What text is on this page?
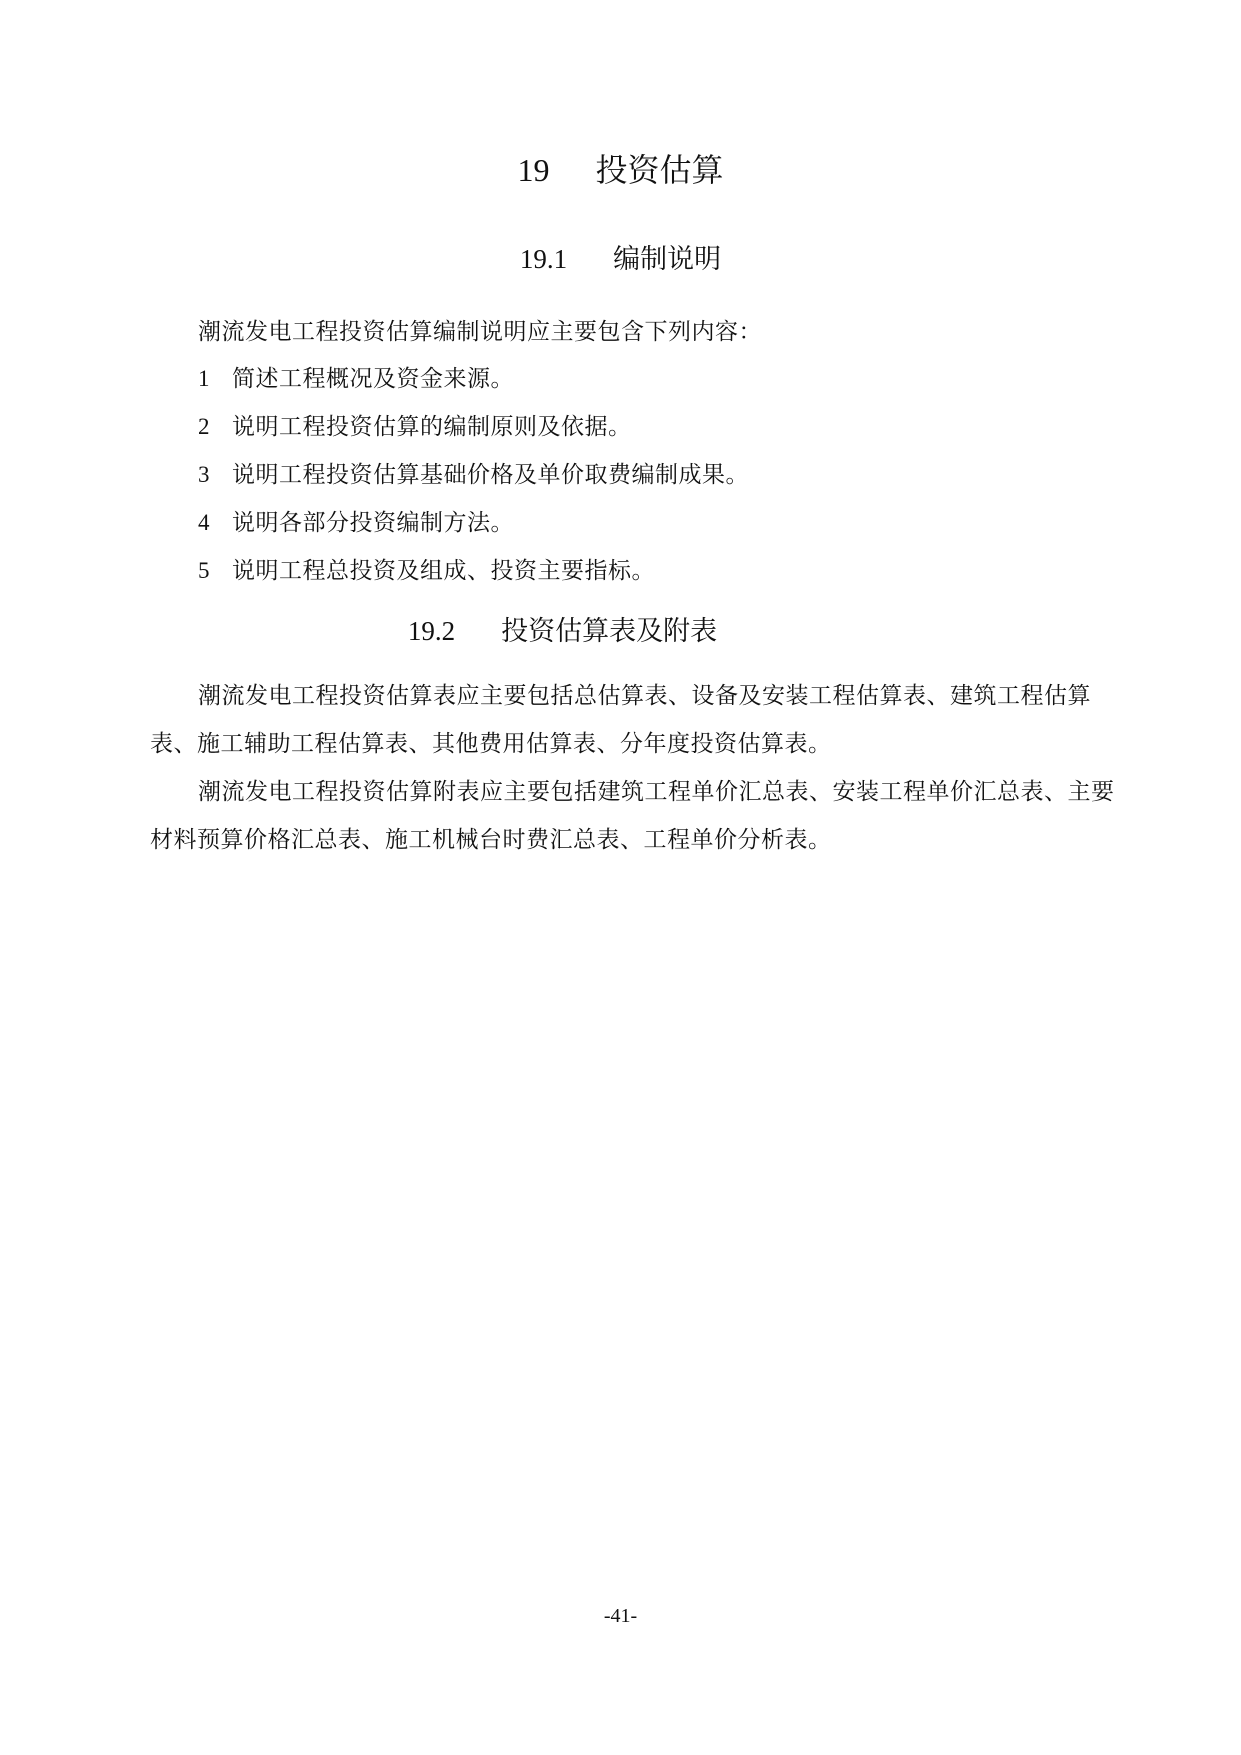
19 投资估算
19.1 编制说明
潮流发电工程投资估算编制说明应主要包含下列内容：
1 简述工程概况及资金来源。
2 说明工程投资估算的编制原则及依据。
3 说明工程投资估算基础价格及单价取费编制成果。
4 说明各部分投资编制方法。
5 说明工程总投资及组成、投资主要指标。
19.2 投资估算表及附表
潮流发电工程投资估算表应主要包括总估算表、设备及安装工程估算表、建筑工程估算表、施工辅助工程估算表、其他费用估算表、分年度投资估算表。
潮流发电工程投资估算附表应主要包括建筑工程单价汇总表、安装工程单价汇总表、主要材料预算价格汇总表、施工机械台时费汇总表、工程单价分析表。
-41-
